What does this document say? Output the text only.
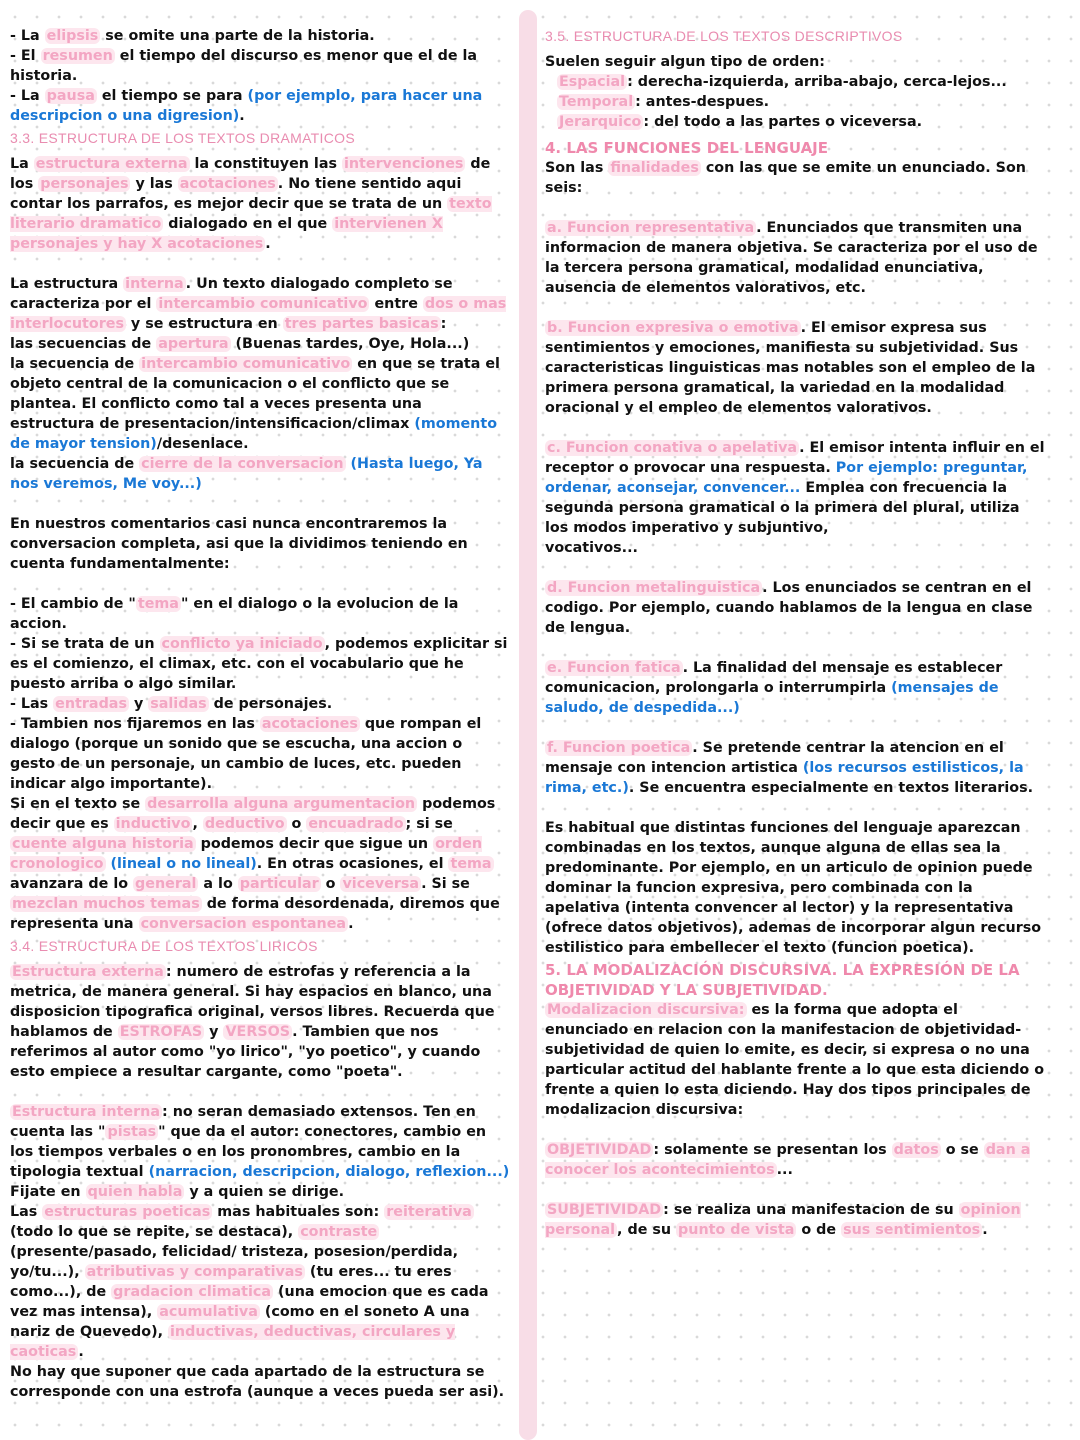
- La elipsis se omite una parte de la historia.

- El resumen el tiempo del discurso es menor que el de la historia.

- La pausa el tiempo se para (por ejemplo, para hacer una descripcion o una digresion).

3.3. ESTRUCTURA DE LOS TEXTOS DRAMATICOS

La estructura externa la constituyen las intervenciones de los personajes y las acotaciones . No tiene sentido aqui contar los parrafos, es mejor decir que se trata de un texto literario dramatico dialogado en el que intervienen X personajes y hay X acotaciones .

La estructura interna . Un texto dialogado completo se caracteriza por el intercambio comunicativo entre dos o mas interlocutores y se estructura en tres partes basicas :

las secuencias de apertura (Buenas tardes, Oye, Hola...)

la secuencia de intercambio comunicativo en que se trata el objeto central de la comunicacion o el conflicto que se plantea. El conflicto como tal a veces presenta una estructura de presentacion/intensificacion/climax (momento de mayor tension)/desenlace.

la secuencia de cierre de la conversacion (Hasta luego, Ya nos veremos, Me voy...)

En nuestros comentarios casi nunca encontraremos la conversacion completa, asi que la dividimos teniendo en cuenta fundamentalmente:

- El cambio de " tema " en el dialogo o la evolucion de la accion.

- Si se trata de un conflicto ya iniciado , podemos explicitar si es el comienzo, el climax, etc. con el vocabulario que he puesto arriba o algo similar.

- Las entradas y salidas de personajes.

- Tambien nos fijaremos en las acotaciones que rompan el dialogo (porque un sonido que se escucha, una accion o gesto de un personaje, un cambio de luces, etc. pueden indicar algo importante).

Si en el texto se desarrolla alguna argumentacion podemos decir que es inductivo , deductivo o encuadrado ; si se cuente alguna historia podemos decir que sigue un orden cronologico (lineal o no lineal). En otras ocasiones, el tema avanzara de lo general a lo particular o viceversa . Si se mezclan muchos temas de forma desordenada, diremos que representa una conversacion espontanea .

3.4. ESTRUCTURA DE LOS TEXTOS LIRICOS

Estructura externa : numero de estrofas y referencia a la metrica, de manera general. Si hay espacios en blanco, una disposicion tipografica original, versos libres. Recuerda que hablamos de ESTROFAS y VERSOS . Tambien que nos referimos al autor como "yo lirico", "yo poetico", y cuando esto empiece a resultar cargante, como "poeta".

Estructura interna : no seran demasiado extensos. Ten en cuenta las " pistas " que da el autor: conectores, cambio en los tiempos verbales o en los pronombres, cambio en la tipologia textual (narracion, descripcion, dialogo, reflexion...)

Fijate en quien habla y a quien se dirige.

Las estructuras poeticas mas habituales son: reiterativa (todo lo que se repite, se destaca), contraste (presente/pasado, felicidad/ tristeza, posesion/perdida, yo/tu...), atributivas y comparativas (tu eres... tu eres como...), de gradacion climatica (una emocion que es cada vez mas intensa), acumulativa (como en el soneto A una nariz de Quevedo), inductivas, deductivas, circulares y caoticas .

No hay que suponer que cada apartado de la estructura se corresponde con una estrofa (aunque a veces pueda ser asi).

3.5. ESTRUCTURA DE LOS TEXTOS DESCRIPTIVOS

Suelen seguir algun tipo de orden:

Espacial : derecha-izquierda, arriba-abajo, cerca-lejos...

Temporal : antes-despues.

Jerarquico : del todo a las partes o viceversa.

4. LAS FUNCIONES DEL LENGUAJE

Son las finalidades con las que se emite un enunciado. Son seis:

a. Funcion representativa . Enunciados que transmiten una informacion de manera objetiva. Se caracteriza por el uso de la tercera persona gramatical, modalidad enunciativa, ausencia de elementos valorativos, etc.

b. Funcion expresiva o emotiva . El emisor expresa sus sentimientos y emociones, manifiesta su subjetividad. Sus caracteristicas linguisticas mas notables son el empleo de la primera persona gramatical, la variedad en la modalidad oracional y el empleo de elementos valorativos.

c. Funcion conativa o apelativa . El emisor intenta influir en el receptor o provocar una respuesta. Por ejemplo: preguntar, ordenar, aconsejar, convencer... Emplea con frecuencia la segunda persona gramatical o la primera del plural, utiliza los modos imperativo y subjuntivo,

vocativos...

d. Funcion metalinguistica . Los enunciados se centran en el codigo. Por ejemplo, cuando hablamos de la lengua en clase de lengua.

e. Funcion fatica . La finalidad del mensaje es establecer comunicacion, prolongarla o interrumpirla (mensajes de saludo, de despedida...)

f. Funcion poetica . Se pretende centrar la atencion en el mensaje con intencion artistica (los recursos estilisticos, la rima, etc.). Se encuentra especialmente en textos literarios.

Es habitual que distintas funciones del lenguaje aparezcan combinadas en los textos, aunque alguna de ellas sea la predominante. Por ejemplo, en un articulo de opinion puede dominar la funcion expresiva, pero combinada con la apelativa (intenta convencer al lector) y la representativa (ofrece datos objetivos), ademas de incorporar algun recurso estilistico para embellecer el texto (funcion poetica).

5. LA MODALIZACIÓN DISCURSIVA. LA EXPRESIÓN DE LA OBJETIVIDAD Y LA SUBJETIVIDAD.

Modalizacion discursiva: es la forma que adopta el enunciado en relacion con la manifestacion de objetividad-subjetividad de quien lo emite, es decir, si expresa o no una particular actitud del hablante frente a lo que esta diciendo o frente a quien lo esta diciendo. Hay dos tipos principales de modalizacion discursiva:

OBJETIVIDAD : solamente se presentan los datos o se dan a conocer los acontecimientos ...

SUBJETIVIDAD : se realiza una manifestacion de su opinion personal , de su punto de vista o de sus sentimientos .
